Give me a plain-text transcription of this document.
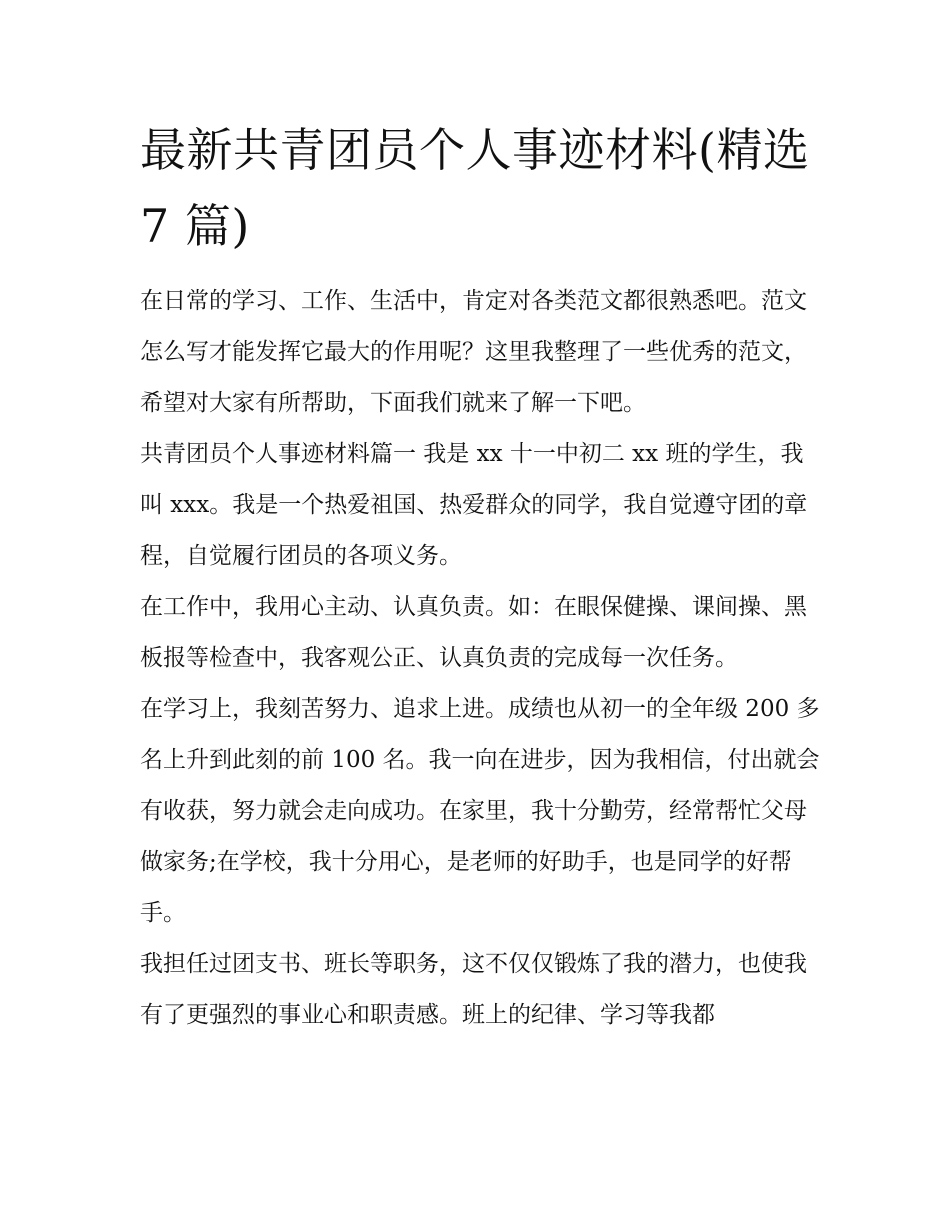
最新共青团员个人事迹材料(精选 7 篇)

在日常的学习、工作、生活中，肯定对各类范文都很熟悉吧。范文怎么写才能发挥它最大的作用呢？这里我整理了一些优秀的范文，希望对大家有所帮助，下面我们就来了解一下吧。

共青团员个人事迹材料篇一 我是 xx 十一中初二 xx 班的学生，我叫 xxx。我是一个热爱祖国、热爱群众的同学，我自觉遵守团的章程，自觉履行团员的各项义务。

在工作中，我用心主动、认真负责。如：在眼保健操、课间操、黑板报等检查中，我客观公正、认真负责的完成每一次任务。

在学习上，我刻苦努力、追求上进。成绩也从初一的全年级 200 多名上升到此刻的前 100 名。我一向在进步，因为我相信，付出就会有收获，努力就会走向成功。在家里，我十分勤劳，经常帮忙父母做家务;在学校，我十分用心，是老师的好助手，也是同学的好帮手。

我担任过团支书、班长等职务，这不仅仅锻炼了我的潜力，也使我有了更强烈的事业心和职责感。班上的纪律、学习等我都
